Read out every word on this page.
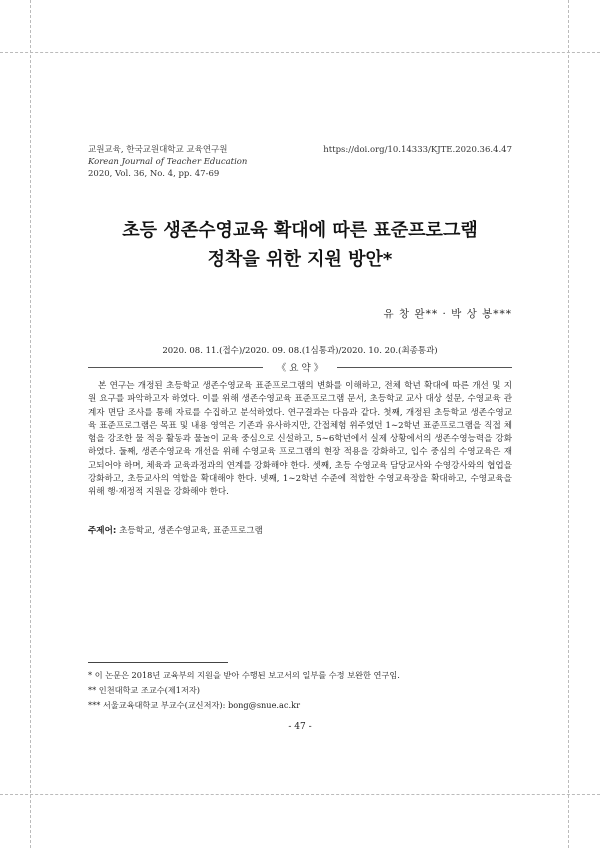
교원교육, 한국교원대학교 교육연구원
Korean Journal of Teacher Education
2020, Vol. 36, No. 4, pp. 47-69
https://doi.org/10.14333/KJTE.2020.36.4.47
초등 생존수영교육 확대에 따른 표준프로그램
정착을 위한 지원 방안*
유 창 완** · 박 상 봉***
2020. 08. 11.(접수)/2020. 09. 08.(1심통과)/2020. 10. 20.(최종통과)
《 요 약 》

본 연구는 개정된 초등학교 생존수영교육 표준프로그램의 변화를 이해하고, 전체 학년 확대에 따른 개선 및 지원 요구를 파악하고자 하였다. 이를 위해 생존수영교육 표준프로그램 문서, 초등학교 교사 대상 설문, 수영교육 관계자 면담 조사를 통해 자료를 수집하고 분석하였다. 연구결과는 다음과 같다. 첫째, 개정된 초등학교 생존수영교육 표준프로그램은 목표 및 내용 영역은 기존과 유사하지만, 간접체험 위주였던 1∼2학년 표준프로그램을 직접 체험을 강조한 물 적응 활동과 물놀이 교육 중심으로 신설하고, 5∼6학년에서 실제 상황에서의 생존수영능력을 강화하였다. 둘째, 생존수영교육 개선을 위해 수영교육 프로그램의 현장 적용을 강화하고, 입수 중심의 수영교육은 재고되어야 하며, 체육과 교육과정과의 연계를 강화해야 한다. 셋째, 초등 수영교육 담당교사와 수영강사와의 협업을 강화하고, 초등교사의 역할을 확대해야 한다. 넷째, 1∼2학년 수준에 적합한 수영교육장을 확대하고, 수영교육을 위해 행·재정적 지원을 강화해야 한다.

주제어: 초등학교, 생존수영교육, 표준프로그램
* 이 논문은 2018년 교육부의 지원을 받아 수행된 보고서의 일부를 수정 보완한 연구임.
** 인천대학교 조교수(제1저자)
*** 서울교육대학교 부교수(교신저자): bong@snue.ac.kr
- 47 -
